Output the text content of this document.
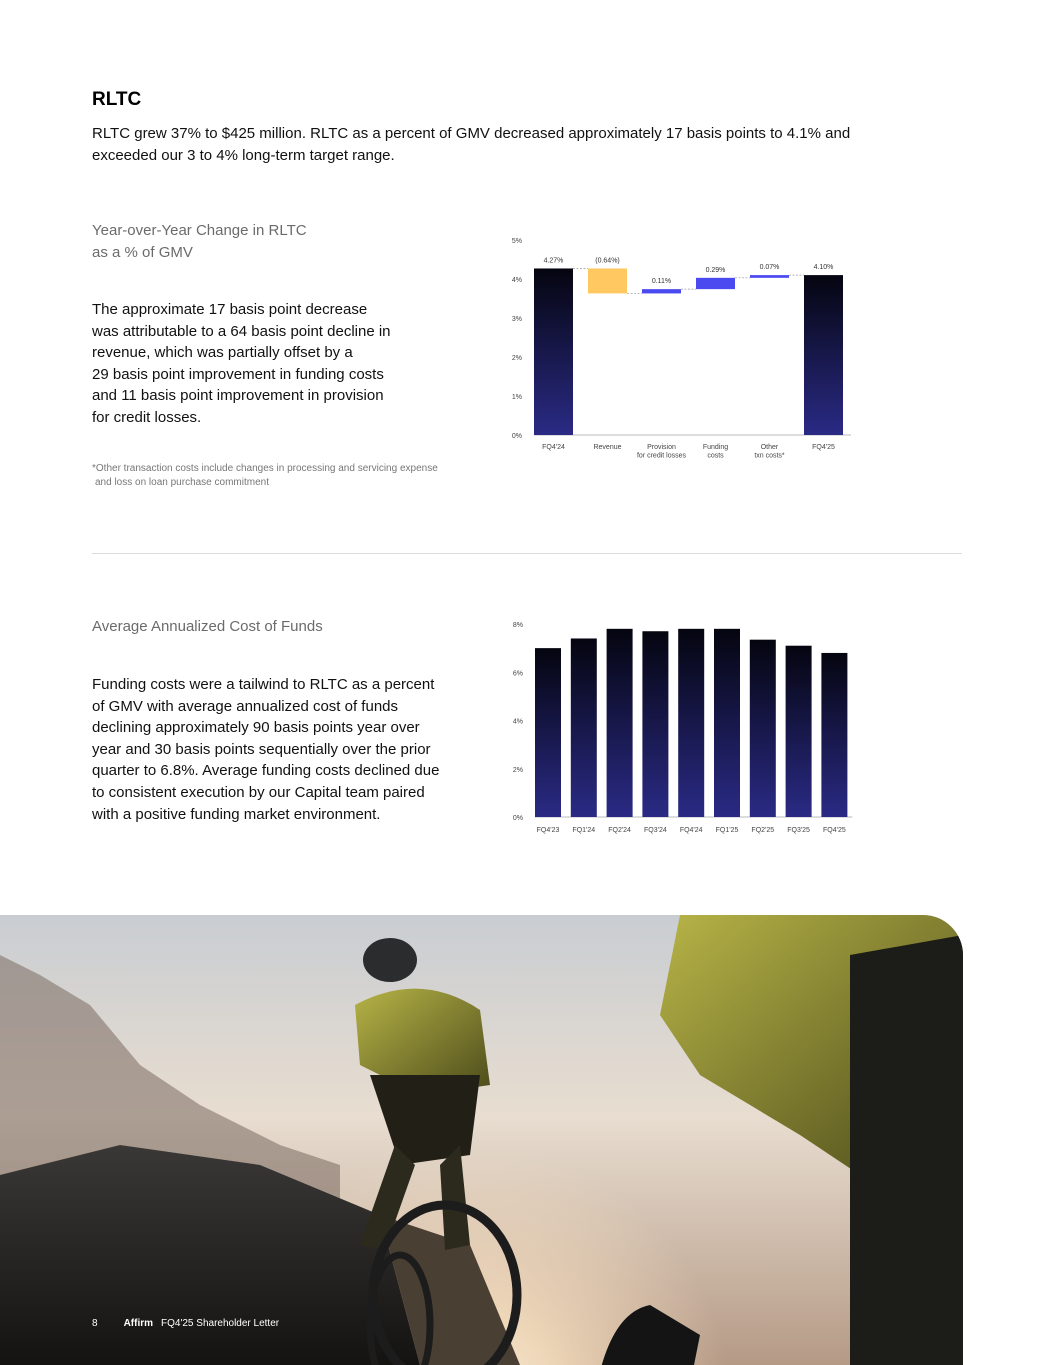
RLTC

RLTC grew 37% to $425 million. RLTC as a percent of GMV decreased approximately 17 basis points to 4.1% and exceeded our 3 to 4% long-term target range.

Year-over-Year Change in RLTC

as a % of GMV

The approximate 17 basis point decrease

was attributable to a 64 basis point decline in

revenue, which was partially offset by a

29 basis point improvement in funding costs

and 11 basis point improvement in provision

for credit losses.

*Other transaction costs include changes in processing and servicing expense

and loss on loan purchase commitment

0%
1%
2%
3%
4%
5%
4.27%
FQ4'24
(0.64%)
Revenue
0.11%
Provision
for credit losses
0.29%
Funding
costs
0.07%
Other
txn costs*
4.10%
FQ4'25

Average Annualized Cost of Funds

Funding costs were a tailwind to RLTC as a percent

of GMV with average annualized cost of funds

declining approximately 90 basis points year over

year and 30 basis points sequentially over the prior

quarter to 6.8%. Average funding costs declined due

to consistent execution by our Capital team paired

with a positive funding market environment.	0%
2%
4%
6%
8%
FQ4'23 FQ1'24 FQ2'24 FQ3'24 FQ4'24 FQ1'25 FQ2'25 FQ3'25 FQ4'25
8	Affirm FQ4'25 Shareholder Letter
